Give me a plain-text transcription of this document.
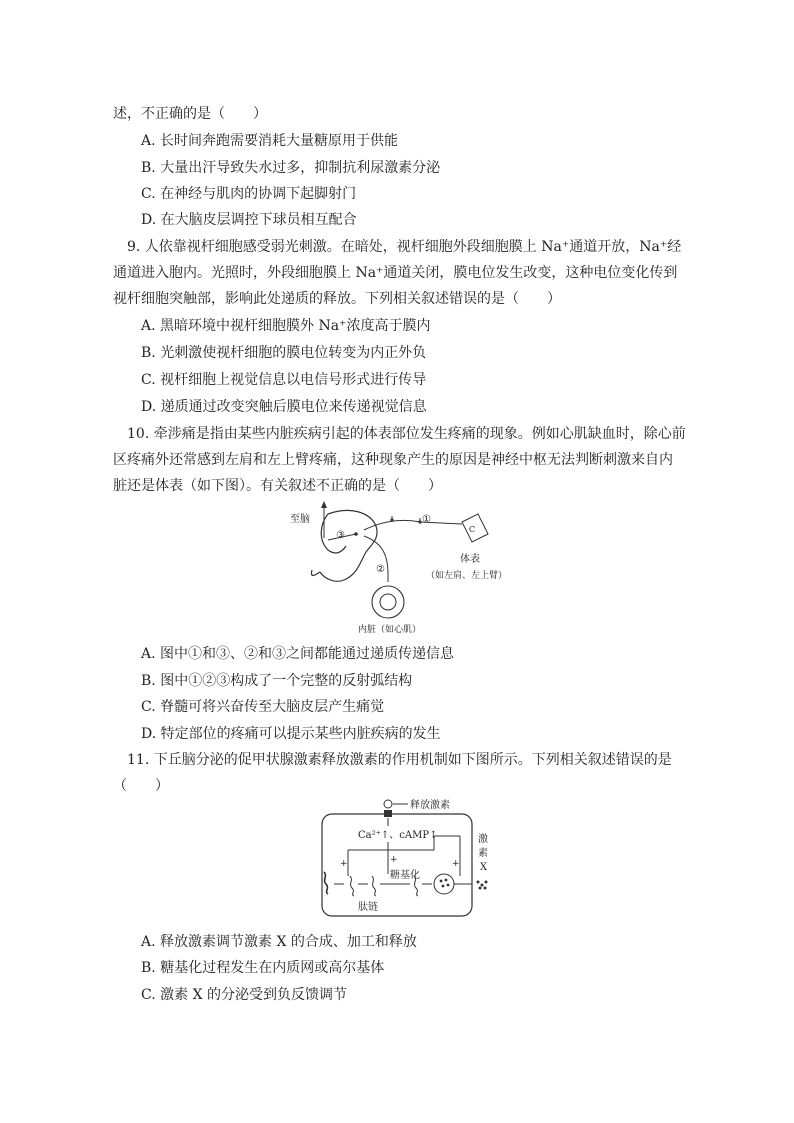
述，不正确的是（　　）
A. 长时间奔跑需要消耗大量糖原用于供能
B. 大量出汗导致失水过多，抑制抗利尿激素分泌
C. 在神经与肌肉的协调下起脚射门
D. 在大脑皮层调控下球员相互配合
9. 人依靠视杆细胞感受弱光刺激。在暗处，视杆细胞外段细胞膜上 Na⁺通道开放，Na⁺经
通道进入胞内。光照时，外段细胞膜上 Na⁺通道关闭，膜电位发生改变，这种电位变化传到
视杆细胞突触部，影响此处递质的释放。下列相关叙述错误的是（　　）
A. 黑暗环境中视杆细胞膜外 Na⁺浓度高于膜内
B. 光刺激使视杆细胞的膜电位转变为内正外负
C. 视杆细胞上视觉信息以电信号形式进行传导
D. 递质通过改变突触后膜电位来传递视觉信息
10. 牵涉痛是指由某些内脏疾病引起的体表部位发生疼痛的现象。例如心肌缺血时，除心前
区疼痛外还常感到左肩和左上臂疼痛，这种现象产生的原因是神经中枢无法判断刺激来自内
脏还是体表（如下图）。有关叙述不正确的是（　　）
至脑
③
①
C
体表
（如左肩、左上臂）
②
内脏（如心肌）
A. 图中①和③、②和③之间都能通过递质传递信息
B. 图中①②③构成了一个完整的反射弧结构
C. 脊髓可将兴奋传至大脑皮层产生痛觉
D. 特定部位的疼痛可以提示某些内脏疾病的发生
11. 下丘脑分泌的促甲状腺激素释放激素的作用机制如下图所示。下列相关叙述错误的是
（　　）
释放激素
Ca²⁺↑、cAMP↑
+	+	+
糖基化
肽链
激
素
X
A. 释放激素调节激素 X 的合成、加工和释放
B. 糖基化过程发生在内质网或高尔基体
C. 激素 X 的分泌受到负反馈调节
